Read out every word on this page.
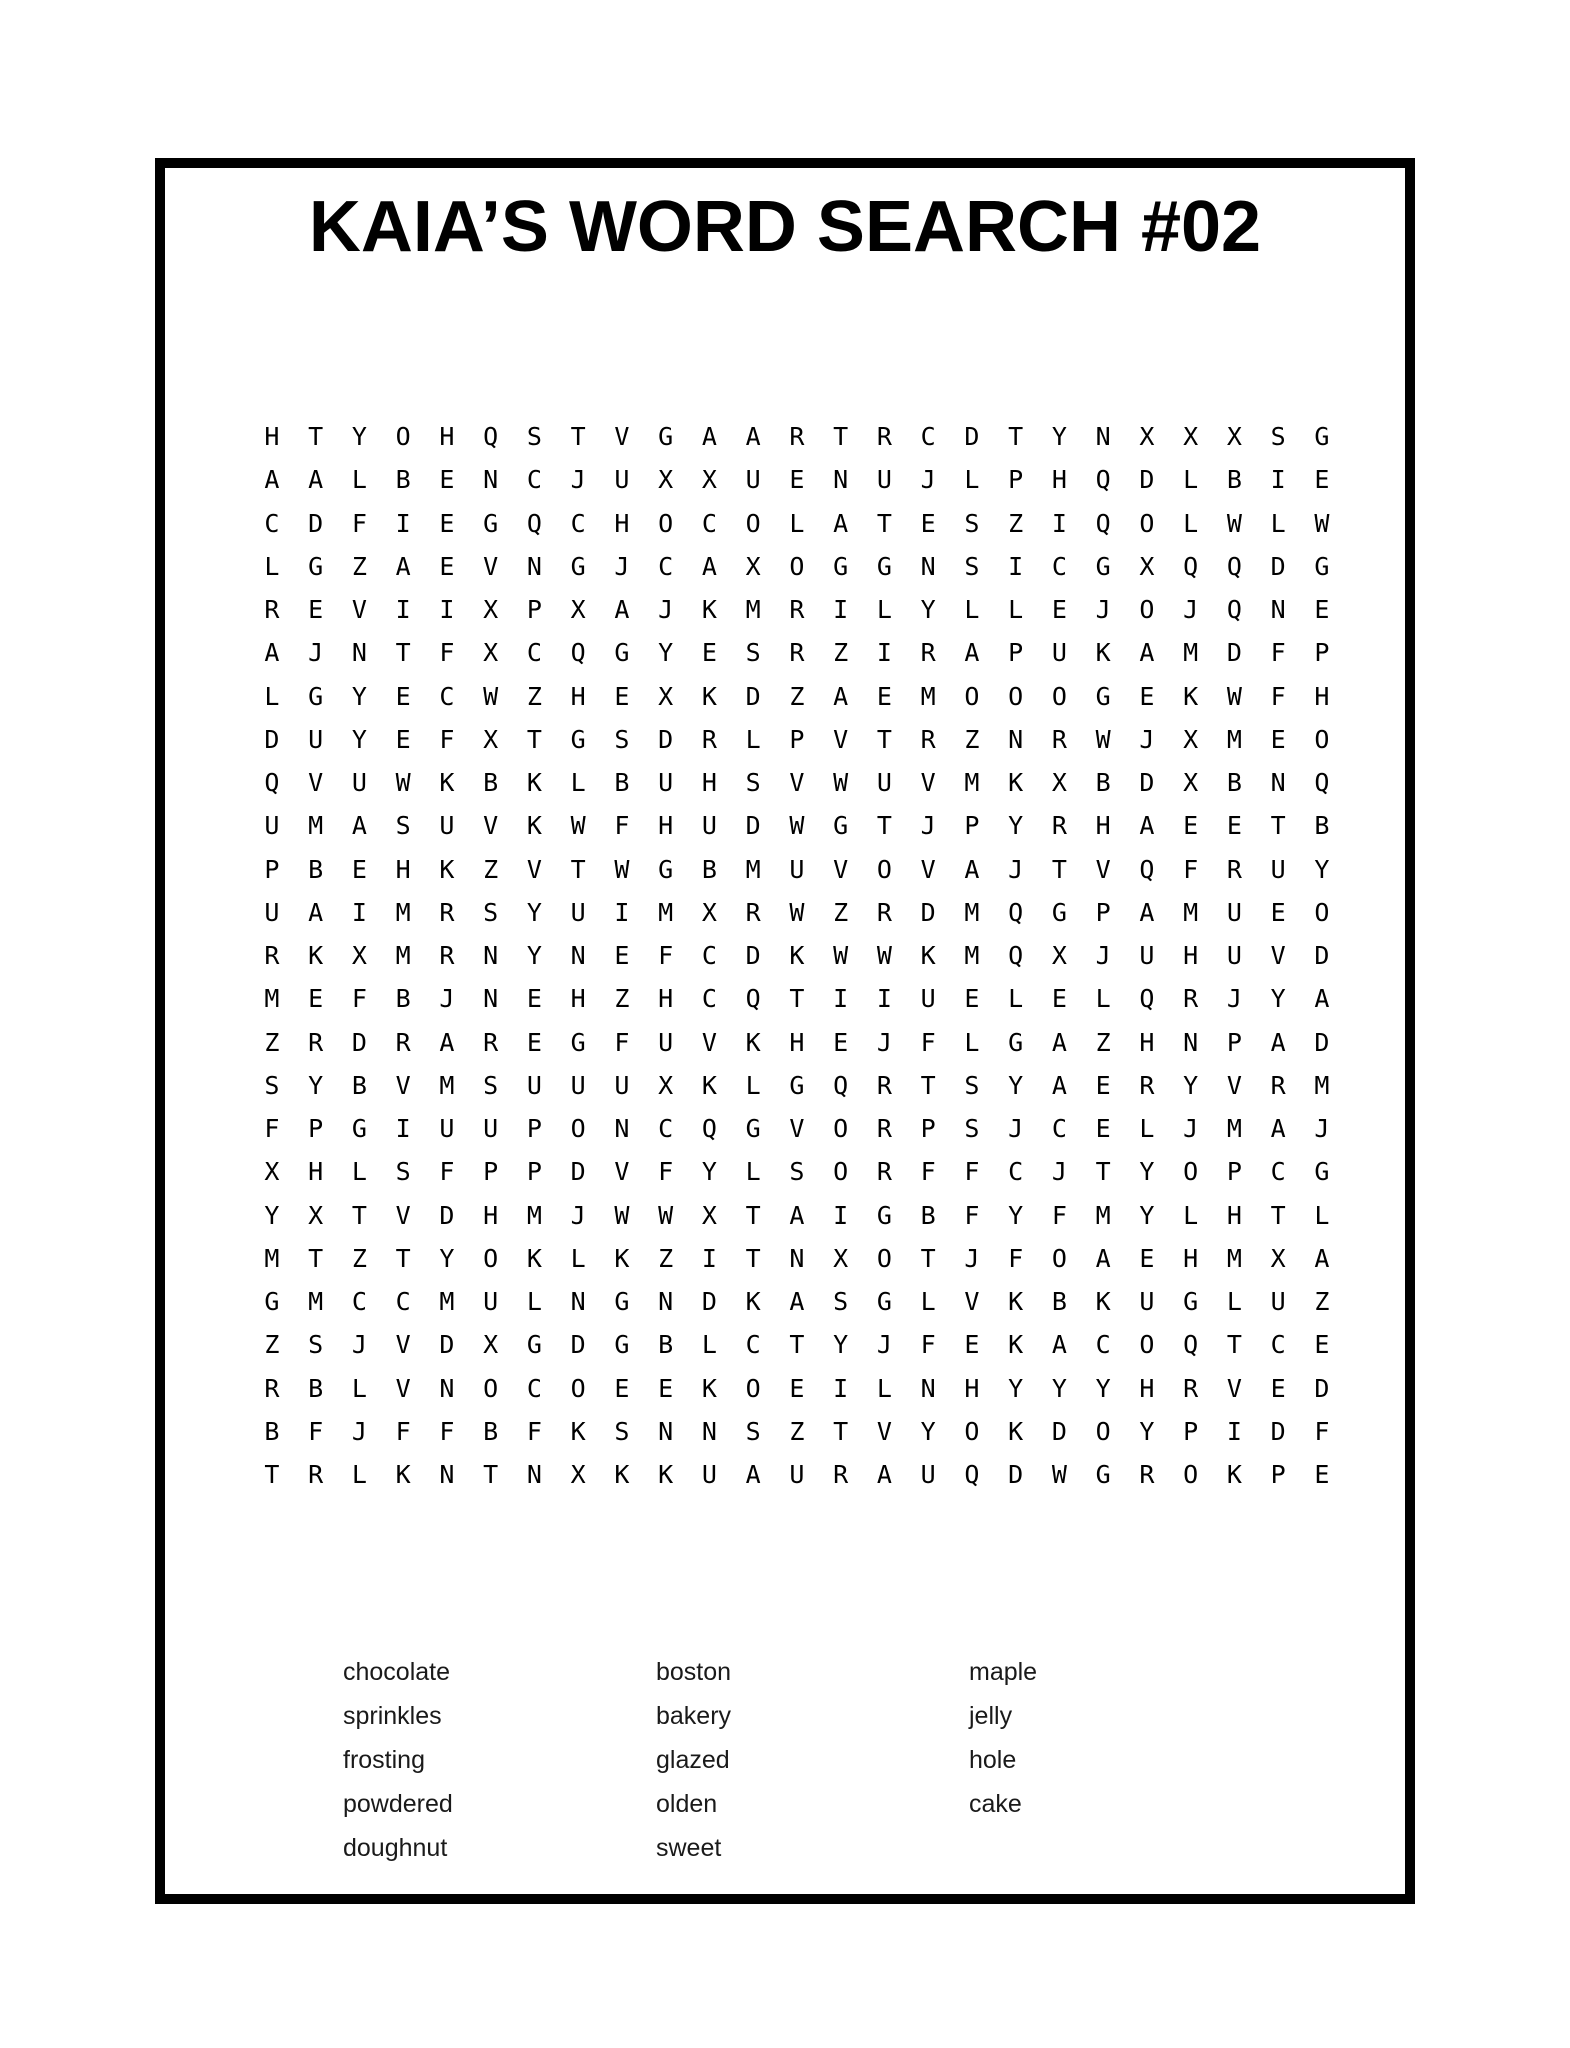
KAIA’S WORD SEARCH #02
H	T	Y	O	H	Q	S	T	V	G	A	A	R	T	R	C	D	T	Y	N	X	X	X	S	G
A	A	L	B	E	N	C	J	U	X	X	U	E	N	U	J	L	P	H	Q	D	L	B	I	E
C	D	F	I	E	G	Q	C	H	O	C	O	L	A	T	E	S	Z	I	Q	O	L	W	L	W
L	G	Z	A	E	V	N	G	J	C	A	X	O	G	G	N	S	I	C	G	X	Q	Q	D	G
R	E	V	I	I	X	P	X	A	J	K	M	R	I	L	Y	L	L	E	J	O	J	Q	N	E
A	J	N	T	F	X	C	Q	G	Y	E	S	R	Z	I	R	A	P	U	K	A	M	D	F	P
L	G	Y	E	C	W	Z	H	E	X	K	D	Z	A	E	M	O	O	O	G	E	K	W	F	H
D	U	Y	E	F	X	T	G	S	D	R	L	P	V	T	R	Z	N	R	W	J	X	M	E	O
Q	V	U	W	K	B	K	L	B	U	H	S	V	W	U	V	M	K	X	B	D	X	B	N	Q
U	M	A	S	U	V	K	W	F	H	U	D	W	G	T	J	P	Y	R	H	A	E	E	T	B
P	B	E	H	K	Z	V	T	W	G	B	M	U	V	O	V	A	J	T	V	Q	F	R	U	Y
U	A	I	M	R	S	Y	U	I	M	X	R	W	Z	R	D	M	Q	G	P	A	M	U	E	O
R	K	X	M	R	N	Y	N	E	F	C	D	K	W	W	K	M	Q	X	J	U	H	U	V	D
M	E	F	B	J	N	E	H	Z	H	C	Q	T	I	I	U	E	L	E	L	Q	R	J	Y	A
Z	R	D	R	A	R	E	G	F	U	V	K	H	E	J	F	L	G	A	Z	H	N	P	A	D
S	Y	B	V	M	S	U	U	U	X	K	L	G	Q	R	T	S	Y	A	E	R	Y	V	R	M
F	P	G	I	U	U	P	O	N	C	Q	G	V	O	R	P	S	J	C	E	L	J	M	A	J
X	H	L	S	F	P	P	D	V	F	Y	L	S	O	R	F	F	C	J	T	Y	O	P	C	G
Y	X	T	V	D	H	M	J	W	W	X	T	A	I	G	B	F	Y	F	M	Y	L	H	T	L
M	T	Z	T	Y	O	K	L	K	Z	I	T	N	X	O	T	J	F	O	A	E	H	M	X	A
G	M	C	C	M	U	L	N	G	N	D	K	A	S	G	L	V	K	B	K	U	G	L	U	Z
Z	S	J	V	D	X	G	D	G	B	L	C	T	Y	J	F	E	K	A	C	O	Q	T	C	E
R	B	L	V	N	O	C	O	E	E	K	O	E	I	L	N	H	Y	Y	Y	H	R	V	E	D
B	F	J	F	F	B	F	K	S	N	N	S	Z	T	V	Y	O	K	D	O	Y	P	I	D	F
T	R	L	K	N	T	N	X	K	K	U	A	U	R	A	U	Q	D	W	G	R	O	K	P	E
chocolate
sprinkles
frosting
powdered
doughnut
boston
bakery
glazed
olden
sweet
maple
jelly
hole
cake
